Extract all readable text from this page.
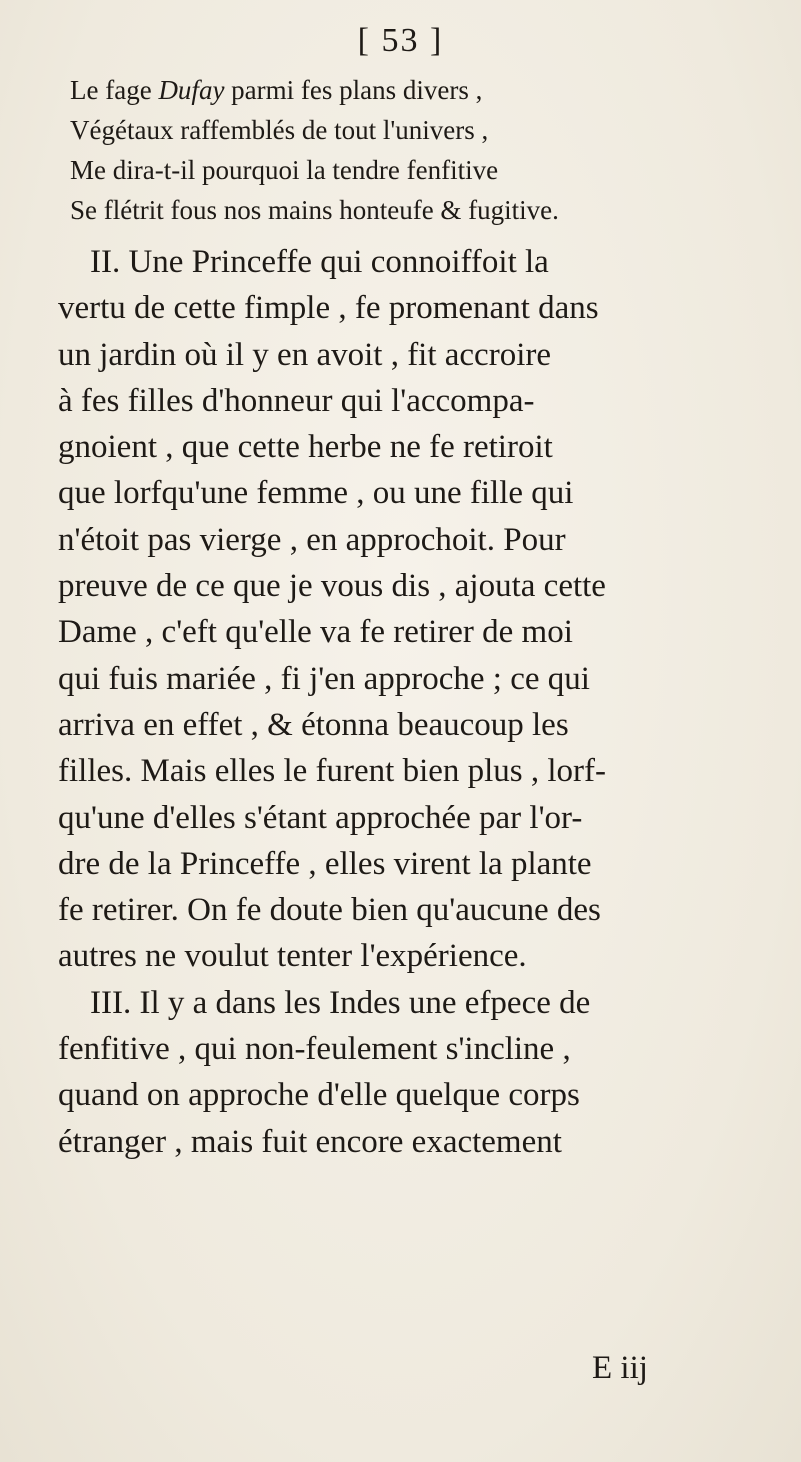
[ 53 ]
Le fage Dufay parmi fes plans divers ,
Végétaux raffemblés de tout l'univers ,
Me dira-t-il pourquoi la tendre fenfitive
Se flétrit fous nos mains honteufe & fugitive.
II. Une Princeffe qui connoiffoit la
vertu de cette fimple , fe promenant dans
un jardin où il y en avoit , fit accroire
à fes filles d'honneur qui l'accompa-
gnoient , que cette herbe ne fe retiroit
que lorfqu'une femme , ou une fille qui
n'étoit pas vierge , en approchoit. Pour
preuve de ce que je vous dis , ajouta cette
Dame , c'eft qu'elle va fe retirer de moi
qui fuis mariée , fi j'en approche ; ce qui
arriva en effet , & étonna beaucoup les
filles. Mais elles le furent bien plus , lorf-
qu'une d'elles s'étant approchée par l'or-
dre de la Princeffe , elles virent la plante
fe retirer. On fe doute bien qu'aucune des
autres ne voulut tenter l'expérience.
III. Il y a dans les Indes une efpece de
fenfitive , qui non-feulement s'incline ,
quand on approche d'elle quelque corps
étranger , mais fuit encore exactement
E iij
